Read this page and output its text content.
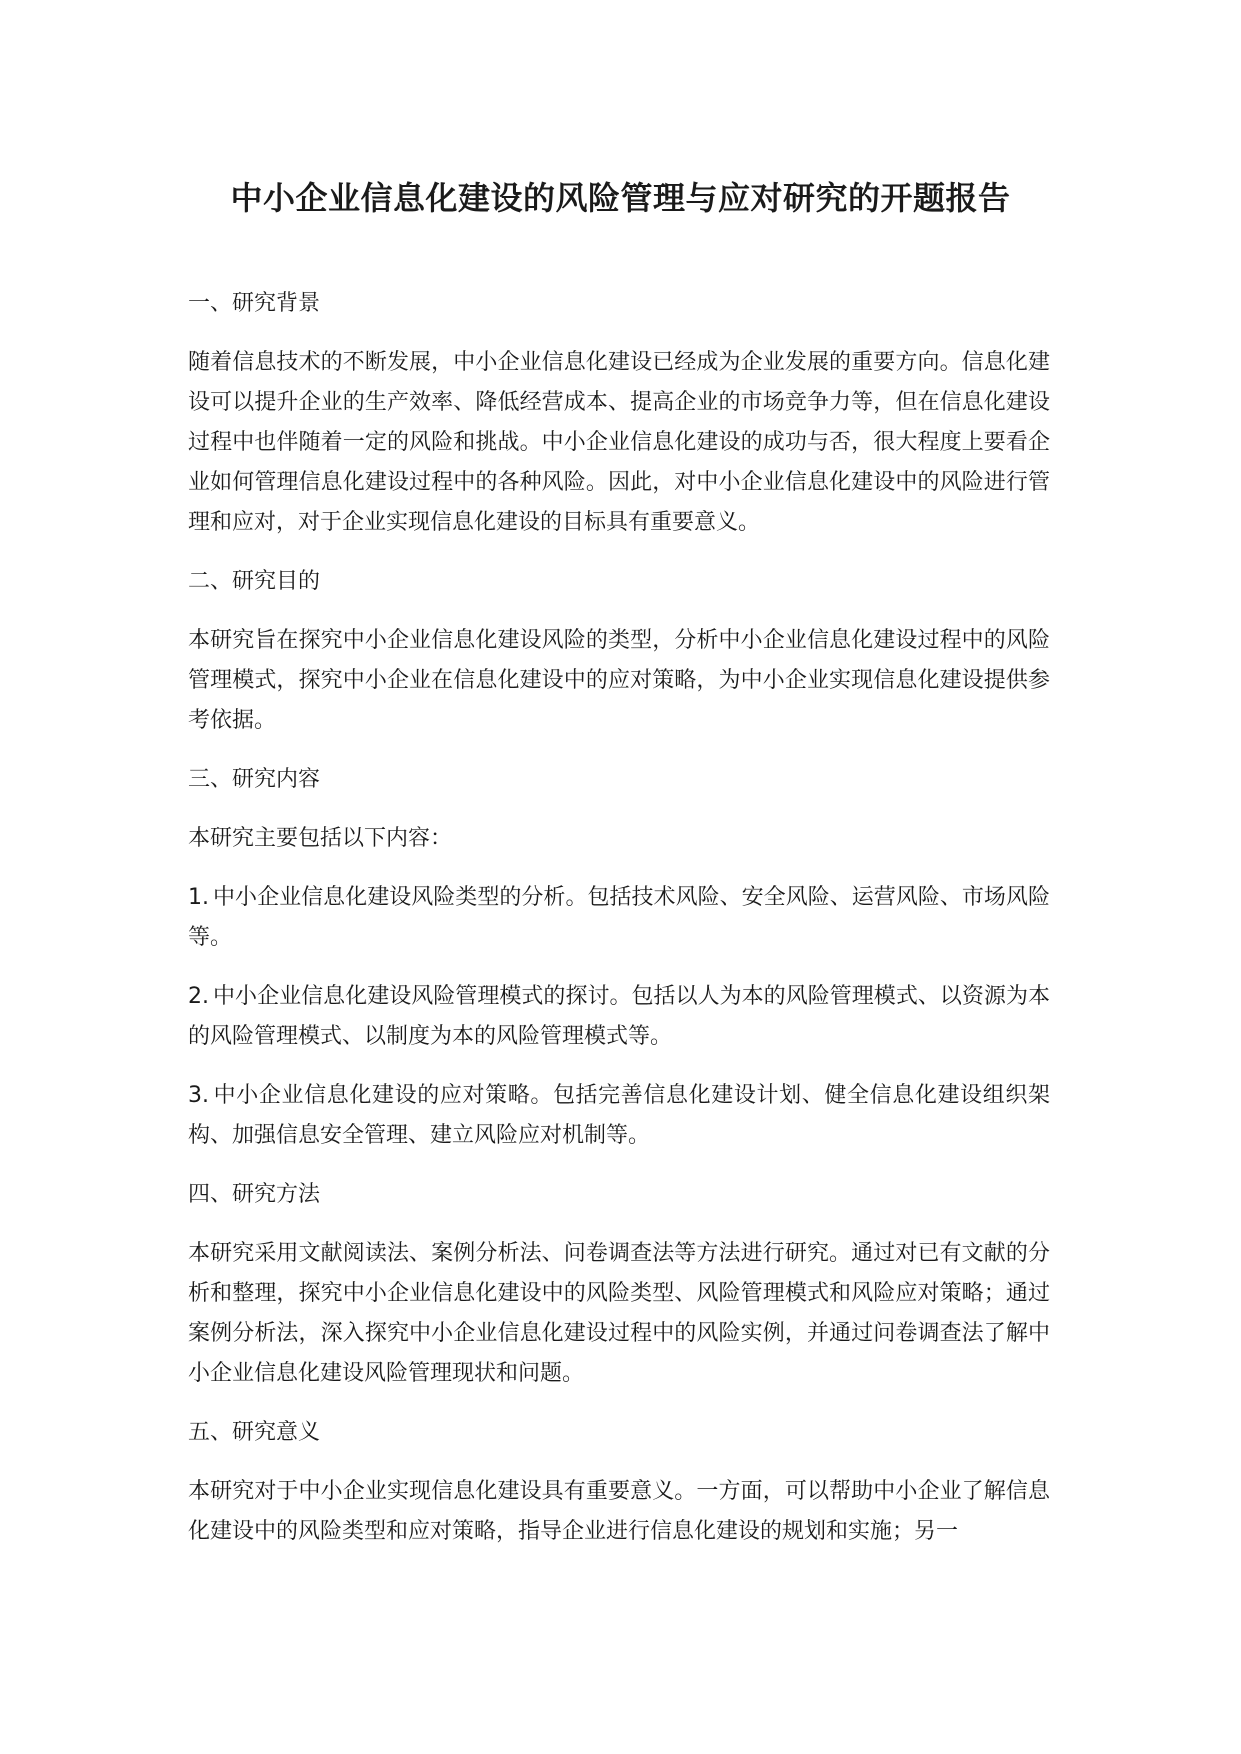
中小企业信息化建设的风险管理与应对研究的开题报告

一、研究背景

随着信息技术的不断发展，中小企业信息化建设已经成为企业发展的重要方向。信息化建设可以提升企业的生产效率、降低经营成本、提高企业的市场竞争力等，但在信息化建设过程中也伴随着一定的风险和挑战。中小企业信息化建设的成功与否，很大程度上要看企业如何管理信息化建设过程中的各种风险。因此，对中小企业信息化建设中的风险进行管理和应对，对于企业实现信息化建设的目标具有重要意义。

二、研究目的

本研究旨在探究中小企业信息化建设风险的类型，分析中小企业信息化建设过程中的风险管理模式，探究中小企业在信息化建设中的应对策略，为中小企业实现信息化建设提供参考依据。

三、研究内容

本研究主要包括以下内容：

1. 中小企业信息化建设风险类型的分析。包括技术风险、安全风险、运营风险、市场风险等。

2. 中小企业信息化建设风险管理模式的探讨。包括以人为本的风险管理模式、以资源为本的风险管理模式、以制度为本的风险管理模式等。

3. 中小企业信息化建设的应对策略。包括完善信息化建设计划、健全信息化建设组织架构、加强信息安全管理、建立风险应对机制等。

四、研究方法

本研究采用文献阅读法、案例分析法、问卷调查法等方法进行研究。通过对已有文献的分析和整理，探究中小企业信息化建设中的风险类型、风险管理模式和风险应对策略；通过案例分析法，深入探究中小企业信息化建设过程中的风险实例，并通过问卷调查法了解中小企业信息化建设风险管理现状和问题。

五、研究意义

本研究对于中小企业实现信息化建设具有重要意义。一方面，可以帮助中小企业了解信息化建设中的风险类型和应对策略，指导企业进行信息化建设的规划和实施；另一
